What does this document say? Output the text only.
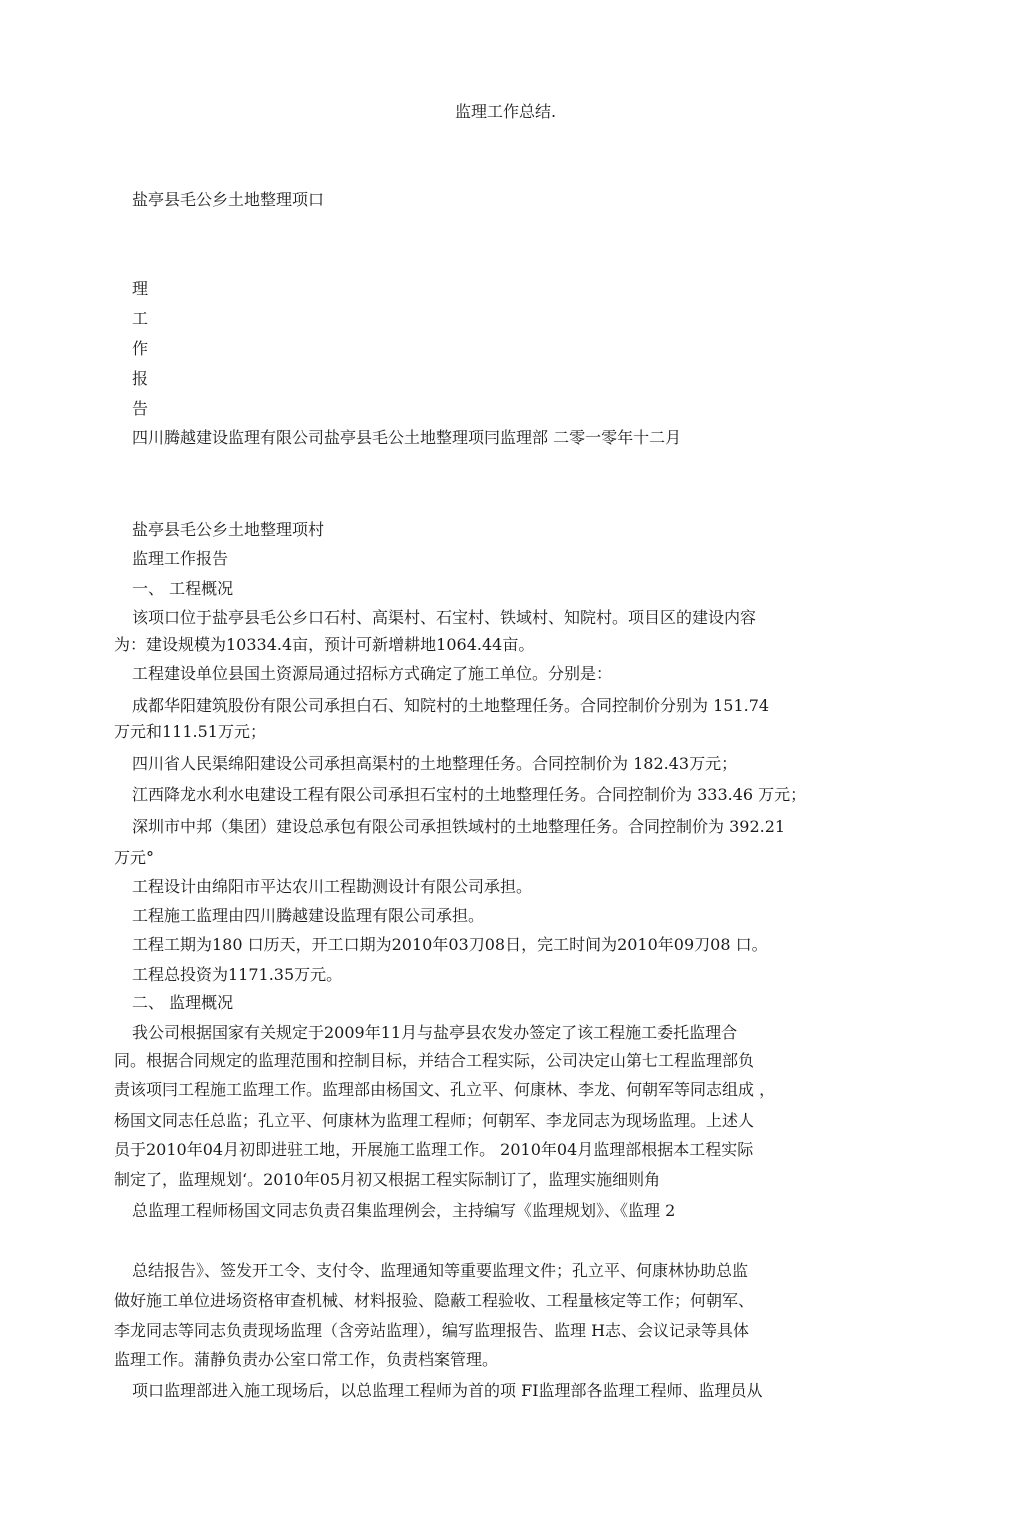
监理工作总结.
盐亭县毛公乡土地整理项口
理
工
作
报
告
四川腾越建设监理有限公司盐亭县毛公土地整理项冃监理部 二零一零年十二月
盐亭县毛公乡土地整理项村
监理工作报告
一、 工程概况
该项口位于盐亭县毛公乡口石村、高渠村、石宝村、铁域村、知院村。项目区的建设内容
为：建设规模为10334.4亩，预计可新增耕地1064.44亩。
工程建设单位县国土资源局通过招标方式确定了施工单位。分别是：
成都华阳建筑股份有限公司承担白石、知院村的土地整理任务。合同控制价分别为 151.74
万元和111.51万元；
四川省人民渠绵阳建设公司承担高渠村的土地整理任务。合同控制价为 182.43万元；
江西降龙水利水电建设工程有限公司承担石宝村的土地整理任务。合同控制价为 333.46 万元；
深圳市中邦（集团）建设总承包有限公司承担铁域村的土地整理任务。合同控制价为 392.21
万元°
工程设计由绵阳市平达农川工程勘测设计有限公司承担。
工程施工监理由四川腾越建设监理有限公司承担。
工程工期为180 口历天，开工口期为2010年03刀08日，完工时间为2010年09刀08 口。
工程总投资为1171.35万元。
二、 监理概况
我公司根据国家有关规定于2009年11月与盐亭县农发办签定了该工程施工委托监理合
同。根据合同规定的监理范围和控制目标，并结合工程实际，公司决定山第七工程监理部负
责该项冃工程施工监理工作。监理部由杨国文、孔立平、何康林、李龙、何朝军等同志组成 ，
杨国文同志任总监；孔立平、何康林为监理工程师；何朝军、李龙同志为现场监理。上述人
员于2010年04月初即进驻工地，开展施工监理工作。 2010年04月监理部根据本工程实际
制定了，监理规划‘。2010年05月初又根据工程实际制订了，监理实施细则角
总监理工程师杨国文同志负责召集监理例会，主持编写《监理规划》、《监理 2
总结报告》、签发开工令、支付令、监理通知等重要监理文件；孔立平、何康林协助总监
做好施工单位进场资格审查机械、材料报验、隐蔽工程验收、工程量核定等工作；何朝军、
李龙同志等同志负责现场监理（含旁站监理），编写监理报告、监理 H志、会议记录等具体
监理工作。蒲静负责办公室口常工作，负责档案管理。
项口监理部进入施工现场后，以总监理工程师为首的项 FI监理部各监理工程师、监理员从
